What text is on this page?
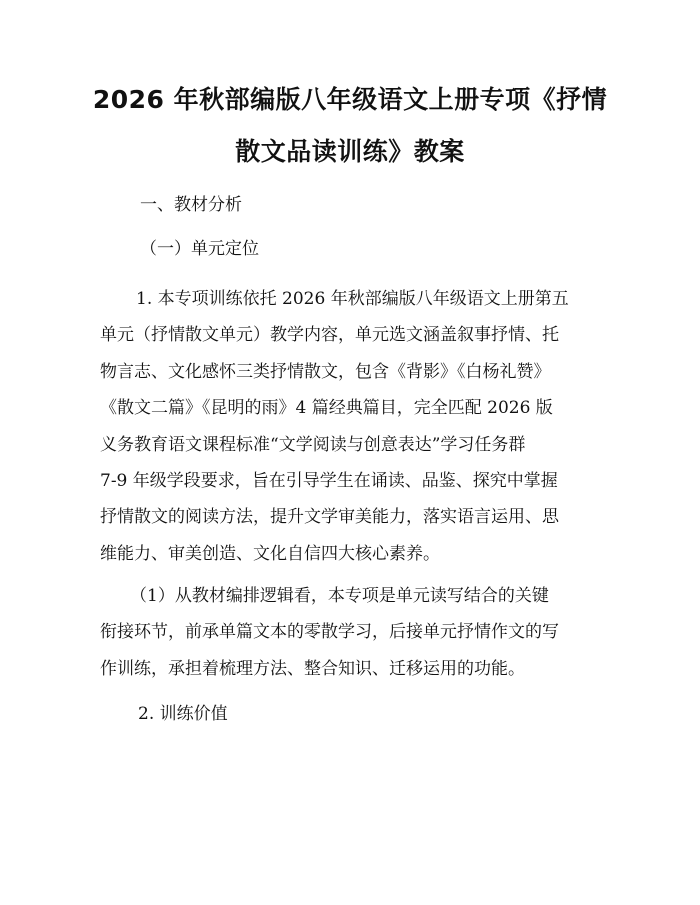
2026 年秋部编版八年级语文上册专项《抒情
散文品读训练》教案
一、教材分析
（一）单元定位
1. 本专项训练依托 2026 年秋部编版八年级语文上册第五
单元（抒情散文单元）教学内容，单元选文涵盖叙事抒情、托
物言志、文化感怀三类抒情散文，包含《背影》《白杨礼赞》
《散文二篇》《昆明的雨》4 篇经典篇目，完全匹配 2026 版
义务教育语文课程标准“文学阅读与创意表达”学习任务群
7-9 年级学段要求，旨在引导学生在诵读、品鉴、探究中掌握
抒情散文的阅读方法，提升文学审美能力，落实语言运用、思
维能力、审美创造、文化自信四大核心素养。
（1）从教材编排逻辑看，本专项是单元读写结合的关键
衔接环节，前承单篇文本的零散学习，后接单元抒情作文的写
作训练，承担着梳理方法、整合知识、迁移运用的功能。
2. 训练价值
